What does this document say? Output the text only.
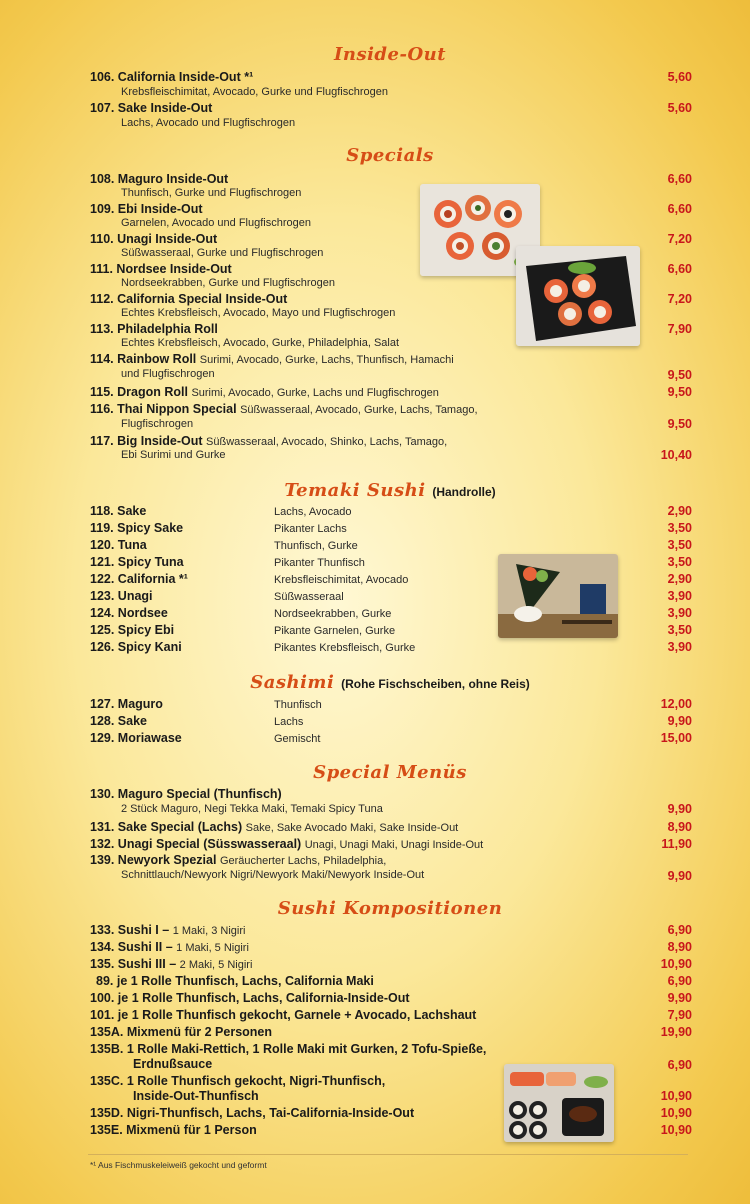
Inside-Out
106. California Inside-Out *¹
Krebsfleischimitat, Avocado, Gurke und Flugfischrogen
5,60
107. Sake Inside-Out
Lachs, Avocado und Flugfischrogen
5,60
Specials
108. Maguro Inside-Out
Thunfisch, Gurke und Flugfischrogen
6,60
109. Ebi Inside-Out
Garnelen, Avocado und Flugfischrogen
6,60
110. Unagi Inside-Out
Süßwasseraal, Gurke und Flugfischrogen
7,20
111. Nordsee Inside-Out
Nordseekrabben, Gurke und Flugfischrogen
6,60
112. California Special Inside-Out
Echtes Krebsfleisch, Avocado, Mayo und Flugfischrogen
7,20
113. Philadelphia Roll
Echtes Krebsfleisch, Avocado, Gurke, Philadelphia, Salat
7,90
114. Rainbow Roll Surimi, Avocado, Gurke, Lachs, Thunfisch, Hamachi
und Flugfischrogen	9,50
115. Dragon Roll Surimi, Avocado, Gurke, Lachs und Flugfischrogen	9,50
116. Thai Nippon Special Süßwasseraal, Avocado, Gurke, Lachs, Tamago,
Flugfischrogen	9,50
117. Big Inside-Out Süßwasseraal, Avocado, Shinko, Lachs, Tamago,
Ebi Surimi und Gurke	10,40
Temaki Sushi (Handrolle)
118. Sake	Lachs, Avocado	2,90
119. Spicy Sake	Pikanter Lachs	3,50
120. Tuna	Thunfisch, Gurke	3,50
121. Spicy Tuna	Pikanter Thunfisch	3,50
122. California *¹	Krebsfleischimitat, Avocado	2,90
123. Unagi	Süßwasseraal	3,90
124. Nordsee	Nordseekrabben, Gurke	3,90
125. Spicy Ebi	Pikante Garnelen, Gurke	3,50
126. Spicy Kani	Pikantes Krebsfleisch, Gurke	3,90
Sashimi (Rohe Fischscheiben, ohne Reis)
127. Maguro	Thunfisch	12,00
128. Sake	Lachs	9,90
129. Moriawase	Gemischt	15,00
Special Menüs
130. Maguro Special (Thunfisch)
2 Stück Maguro, Negi Tekka Maki, Temaki Spicy Tuna	9,90
131. Sake Special (Lachs) Sake, Sake Avocado Maki, Sake Inside-Out	8,90
132. Unagi Special (Süsswasseraal) Unagi, Unagi Maki, Unagi Inside-Out	11,90
139. Newyork Spezial Geräucherter Lachs, Philadelphia,
Schnittlauch/Newyork Nigri/Newyork Maki/Newyork Inside-Out	9,90
Sushi Kompositionen
133. Sushi I – 1 Maki, 3 Nigiri	6,90
134. Sushi II – 1 Maki, 5 Nigiri	8,90
135. Sushi III – 2 Maki, 5 Nigiri	10,90
89. je 1 Rolle Thunfisch, Lachs, California Maki	6,90
100. je 1 Rolle Thunfisch, Lachs, California-Inside-Out	9,90
101. je 1 Rolle Thunfisch gekocht, Garnele + Avocado, Lachshaut	7,90
135A. Mixmenü für 2 Personen	19,90
135B. 1 Rolle Maki-Rettich, 1 Rolle Maki mit Gurken, 2 Tofu-Spieße,
Erdnußsauce	6,90
135C. 1 Rolle Thunfisch gekocht, Nigri-Thunfisch,
Inside-Out-Thunfisch	10,90
135D. Nigri-Thunfisch, Lachs, Tai-California-Inside-Out	10,90
135E. Mixmenü für 1 Person	10,90
*¹ Aus Fischmuskeleiweiß gekocht und geformt
